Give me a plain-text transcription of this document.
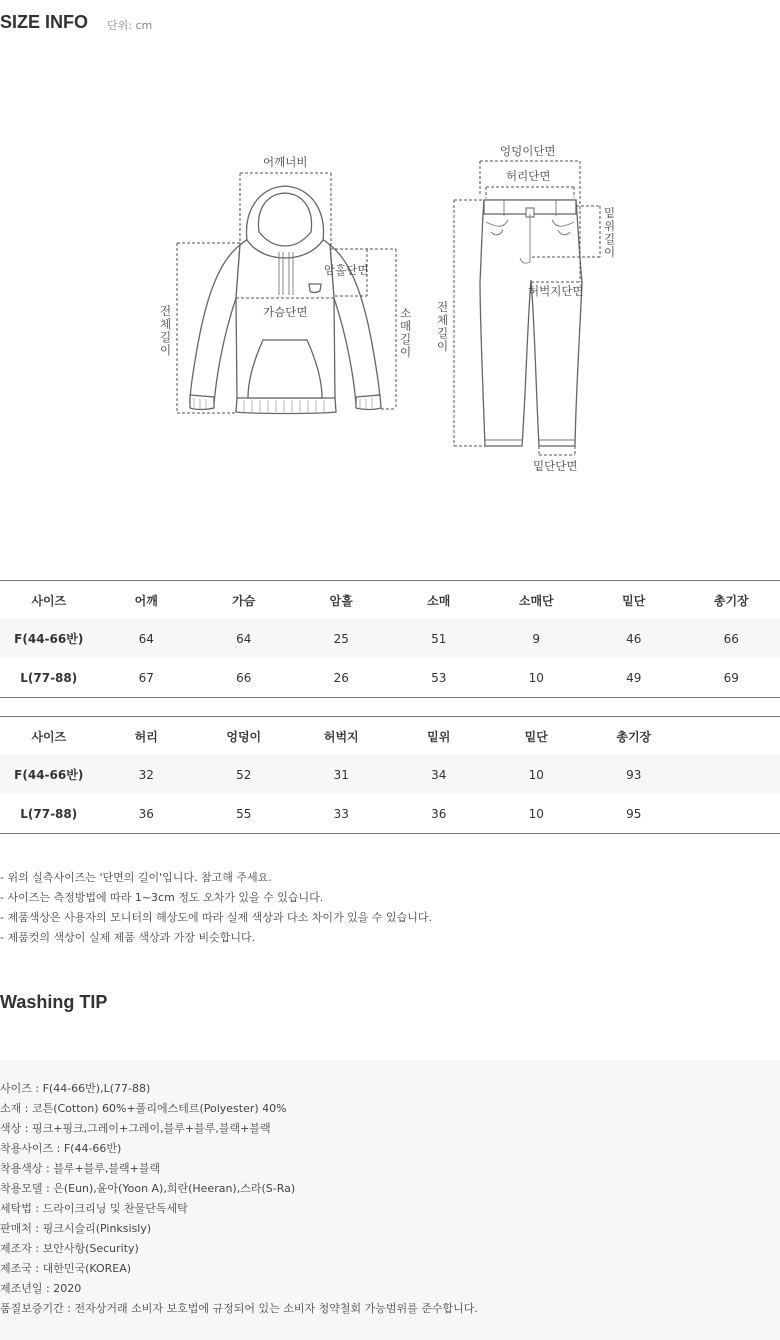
SIZE INFO 단위: cm
어깨너비
암홀단면
가슴단면
엉덩이단면
허리단면
허벅지단면
밑단단면
전
체
길
이
소
매
길
이
전
체
길
이
밑
위
길
이
사이즈	어깨	가슴	암홀	소매	소매단	밑단	총기장
F(44-66반)	64	64	25	51	9	46	66
L(77-88)	67	66	26	53	10	49	69
사이즈	허리	엉덩이	허벅지	밑위	밑단	총기장	
F(44-66반)	32	52	31	34	10	93	
L(77-88)	36	55	33	36	10	95	
- 위의 실측사이즈는 '단면의 길이'입니다. 참고해 주세요.
- 사이즈는 측정방법에 따라 1~3cm 정도 오차가 있을 수 있습니다.
- 제품색상은 사용자의 모니터의 해상도에 따라 실제 색상과 다소 차이가 있을 수 있습니다.
- 제품컷의 색상이 실제 제품 색상과 가장 비슷합니다.
Washing TIP
사이즈 : F(44-66반),L(77-88)
소재 : 코튼(Cotton) 60%+폴리에스테르(Polyester) 40%
색상 : 핑크+핑크,그레이+그레이,블루+블루,블랙+블랙
착용사이즈 : F(44-66반)
착용색상 : 블루+블루,블랙+블랙
착용모델 : 은(Eun),윤아(Yoon A),희란(Heeran),스라(S-Ra)
세탁법 : 드라이크리닝 및 찬물단독세탁
판매처 : 핑크시슬리(Pinksisly)
제조자 : 보안사항(Security)
제조국 : 대한민국(KOREA)
제조년일 : 2020
품질보증기간 : 전자상거래 소비자 보호법에 규정되어 있는 소비자 청약철회 가능범위를 준수합니다.
